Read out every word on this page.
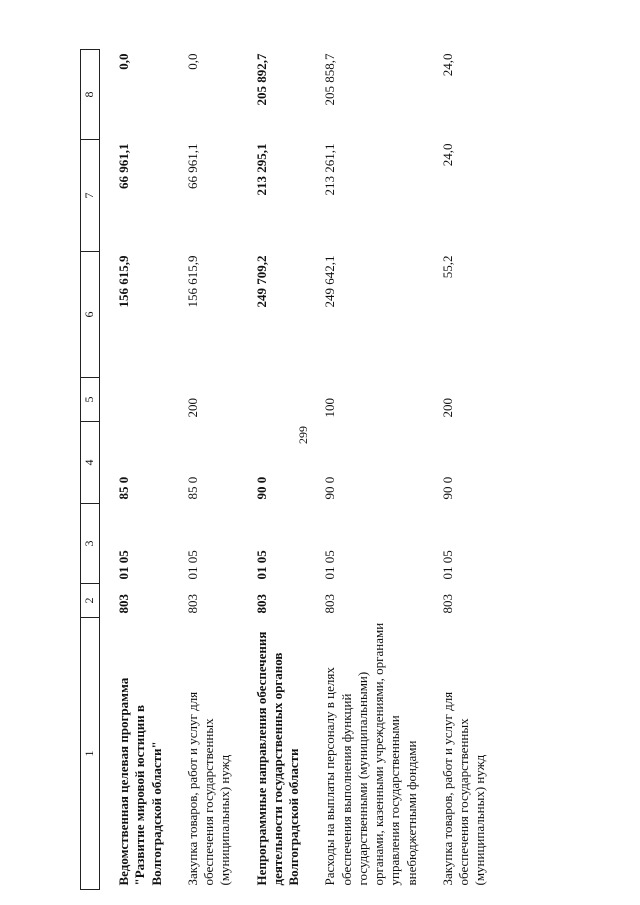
299
1	2	3	4	5	6	7	8
Ведомственная целевая программа "Развитие мировой юстиции в Волгоградской области"	803	01 05	85 0		156 615,9	66 961,1	0,0
Закупка товаров, работ и услуг для обеспечения государственных (муниципальных) нужд	803	01 05	85 0	200	156 615,9	66 961,1	0,0
Непрограммные направления обеспечения деятельности государственных органов Волгоградской области	803	01 05	90 0		249 709,2	213 295,1	205 892,7
Расходы на выплаты персоналу в целях обеспечения выполнения функций государственными (муниципальными) органами, казенными учреждениями, органами управления государственными внебюджетными фондами	803	01 05	90 0	100	249 642,1	213 261,1	205 858,7
Закупка товаров, работ и услуг для обеспечения государственных (муниципальных) нужд	803	01 05	90 0	200	55,2	24,0	24,0
